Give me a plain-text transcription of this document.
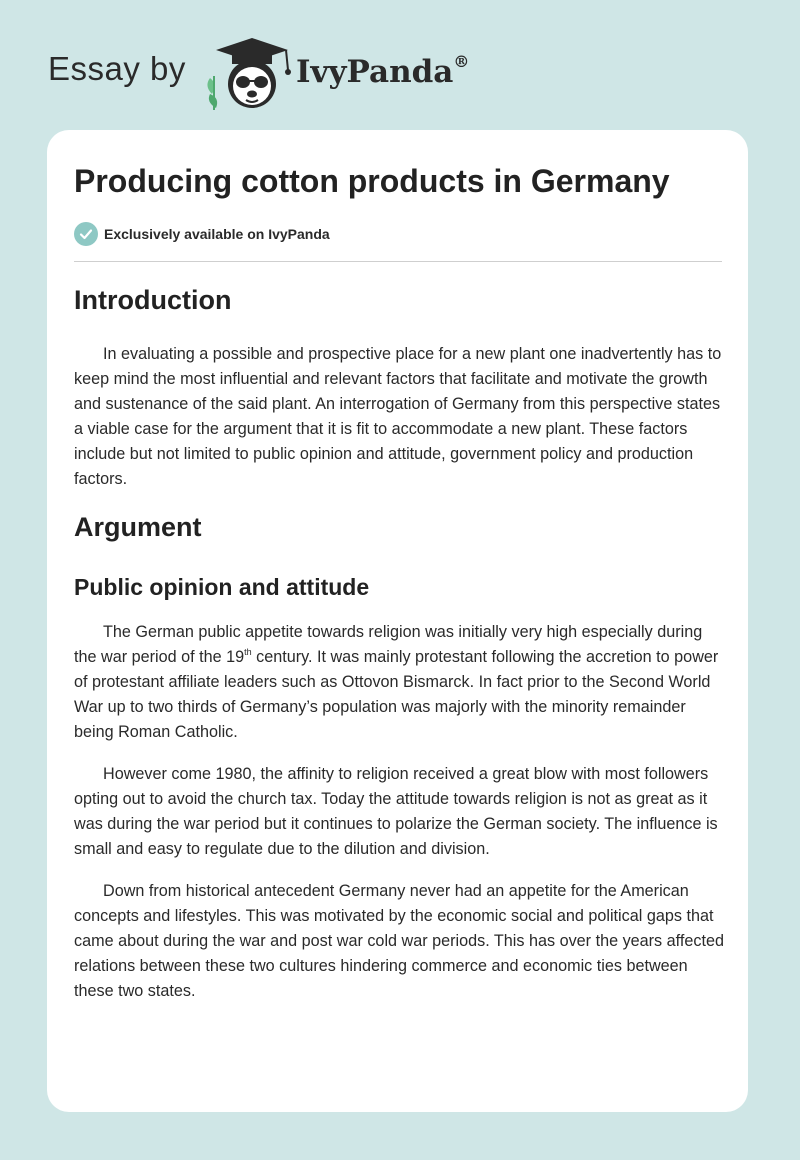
Essay by	IvyPanda®
Producing cotton products in Germany
Exclusively available on IvyPanda
Introduction

In evaluating a possible and prospective place for a new plant one inadvertently has to keep mind the most influential and relevant factors that facilitate and motivate the growth and sustenance of the said plant. An interrogation of Germany from this perspective states a viable case for the argument that it is fit to accommodate a new plant. These factors include but not limited to public opinion and attitude, government policy and production factors.

Argument
Public opinion and attitude

The German public appetite towards religion was initially very high especially during the war period of the 19th century. It was mainly protestant following the accretion to power of protestant affiliate leaders such as Ottovon Bismarck. In fact prior to the Second World War up to two thirds of Germany’s population was majorly with the minority remainder being Roman Catholic.

However come 1980, the affinity to religion received a great blow with most followers opting out to avoid the church tax. Today the attitude towards religion is not as great as it was during the war period but it continues to polarize the German society. The influence is small and easy to regulate due to the dilution and division.

Down from historical antecedent Germany never had an appetite for the American concepts and lifestyles. This was motivated by the economic social and political gaps that came about during the war and post war cold war periods. This has over the years affected relations between these two cultures hindering commerce and economic ties between these two states.
